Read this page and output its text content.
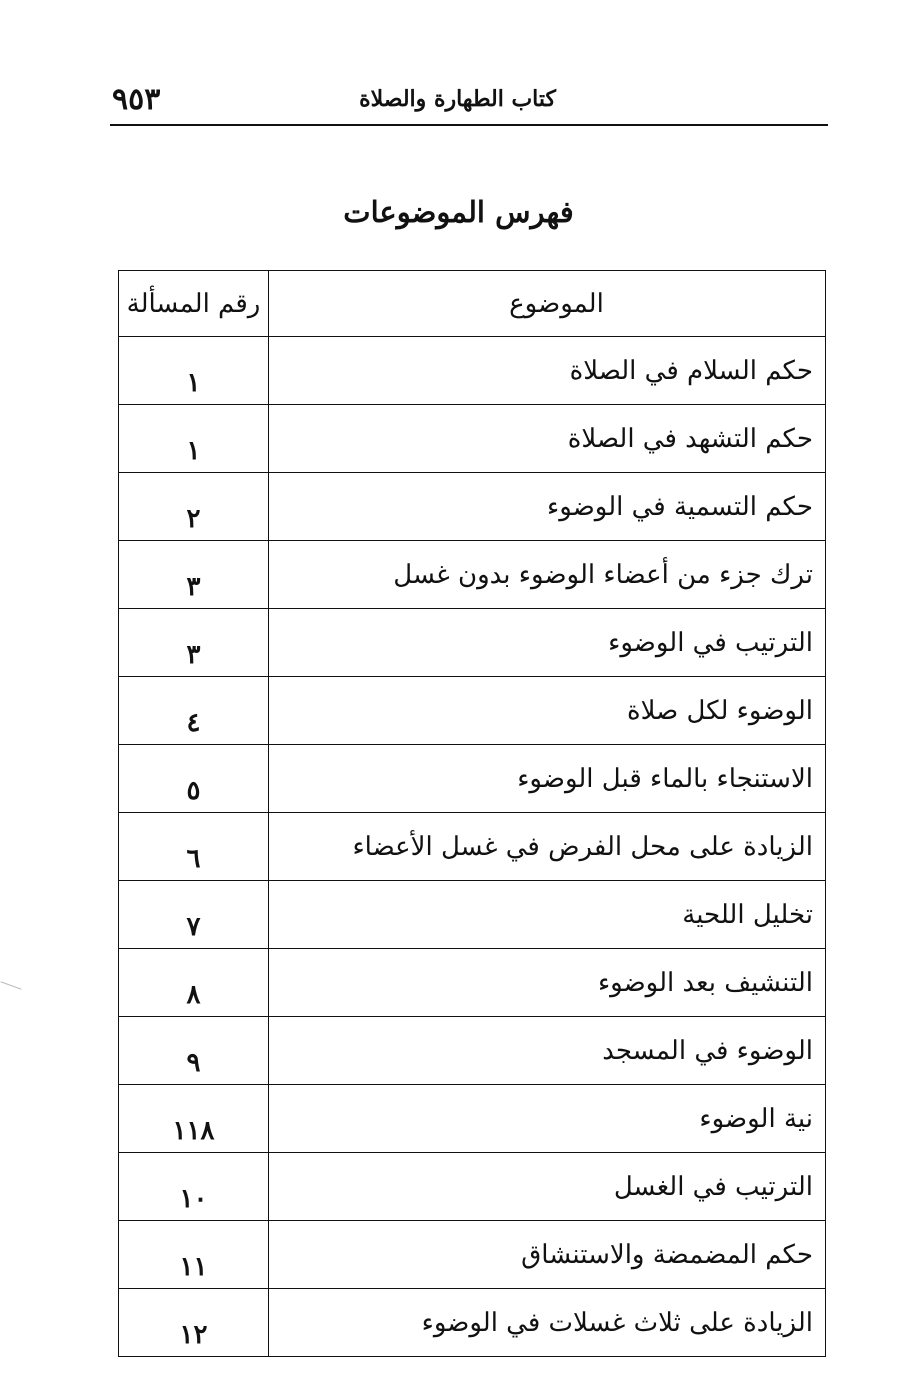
٩٥٣	كتاب الطهارة والصلاة
فهرس الموضوعات
الموضوع	رقم المسألة
حكم السلام في الصلاة	١
حكم التشهد في الصلاة	١
حكم التسمية في الوضوء	٢
ترك جزء من أعضاء الوضوء بدون غسل	٣
الترتيب في الوضوء	٣
الوضوء لكل صلاة	٤
الاستنجاء بالماء قبل الوضوء	٥
الزيادة على محل الفرض في غسل الأعضاء	٦
تخليل اللحية	٧
التنشيف بعد الوضوء	٨
الوضوء في المسجد	٩
نية الوضوء	١١٨
الترتيب في الغسل	١٠
حكم المضمضة والاستنشاق	١١
الزيادة على ثلاث غسلات في الوضوء	١٢
